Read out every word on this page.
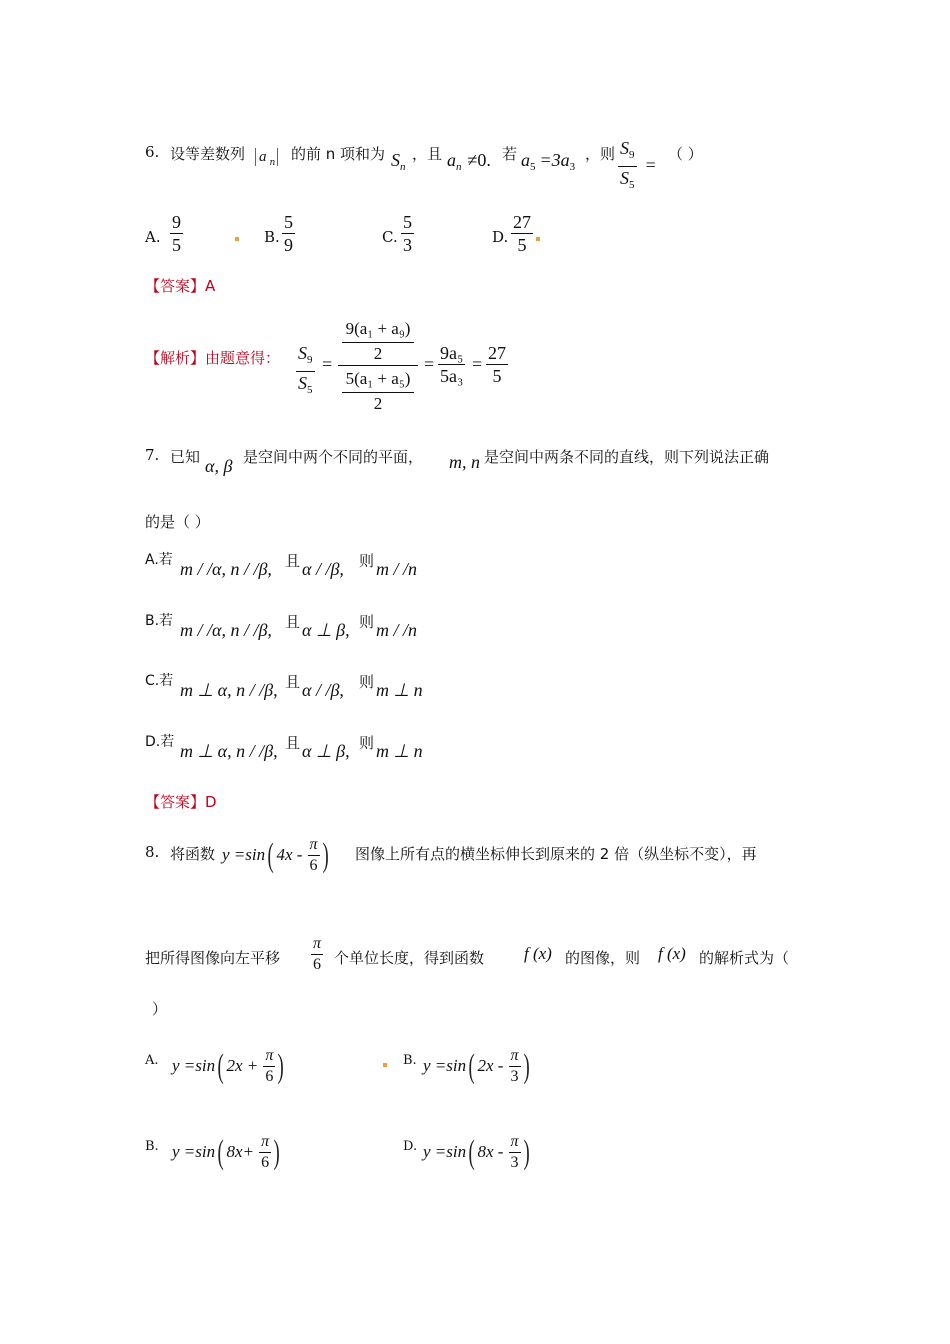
6. 设等差数列 a $_n$ 的前 n 项和为 $S_n$
，且 $a_n \ne 0$. 若 $a_5 =3a_3$
，则 $\frac{S_9}{S_5}$ =
（ ）
A. $\frac{9}{5}$	B. $\frac{5}{9}$	C. $\frac{5}{3}$	D. $\frac{27}{5}$
【答案】A
【解析】由题意得： $\frac{S_9}{S_5}$ =
9(a₁ + a₉)
2
5(a₁ + a₅)
2
= $\frac{\text{9a₅}}{\text{5a₃}} = \frac{27}{5}$
7. 已知 α, β 是空间中两个不同的平面， m, n 是空间中两条不同的直线，则下列说法正确
的是（ ）
A.若 m / /α, n / /β, 且 α / /β, 则 m / /n
B.若 m / /α, n / /β, 且 α ⊥ β, 则 m / /n
C.若 m ⊥ α, n / /β, 且 α / /β, 则 m ⊥ n
D.若 m ⊥ α, n / /β, 且 α ⊥ β, 则 m ⊥ n
【答案】D
8. 将函数 y =sin( $4x - \frac{\pi}{6}$ ) 图像上所有点的横坐标伸长到原来的 2 倍（纵坐标不变），再
把所得图像向左平移 $\frac{\pi}{6}$ 个单位长度，得到函数 f (x) 的图像，则 f (x) 的解析式为（
）
A. y =sin( $2x + \frac{\pi}{6}$ )	B. y =sin( $2x - \frac{\pi}{3}$ )
B. y =sin( $8x+ \frac{\pi}{6}$ )	D. y =sin( $8x - \frac{\pi}{3}$ )
